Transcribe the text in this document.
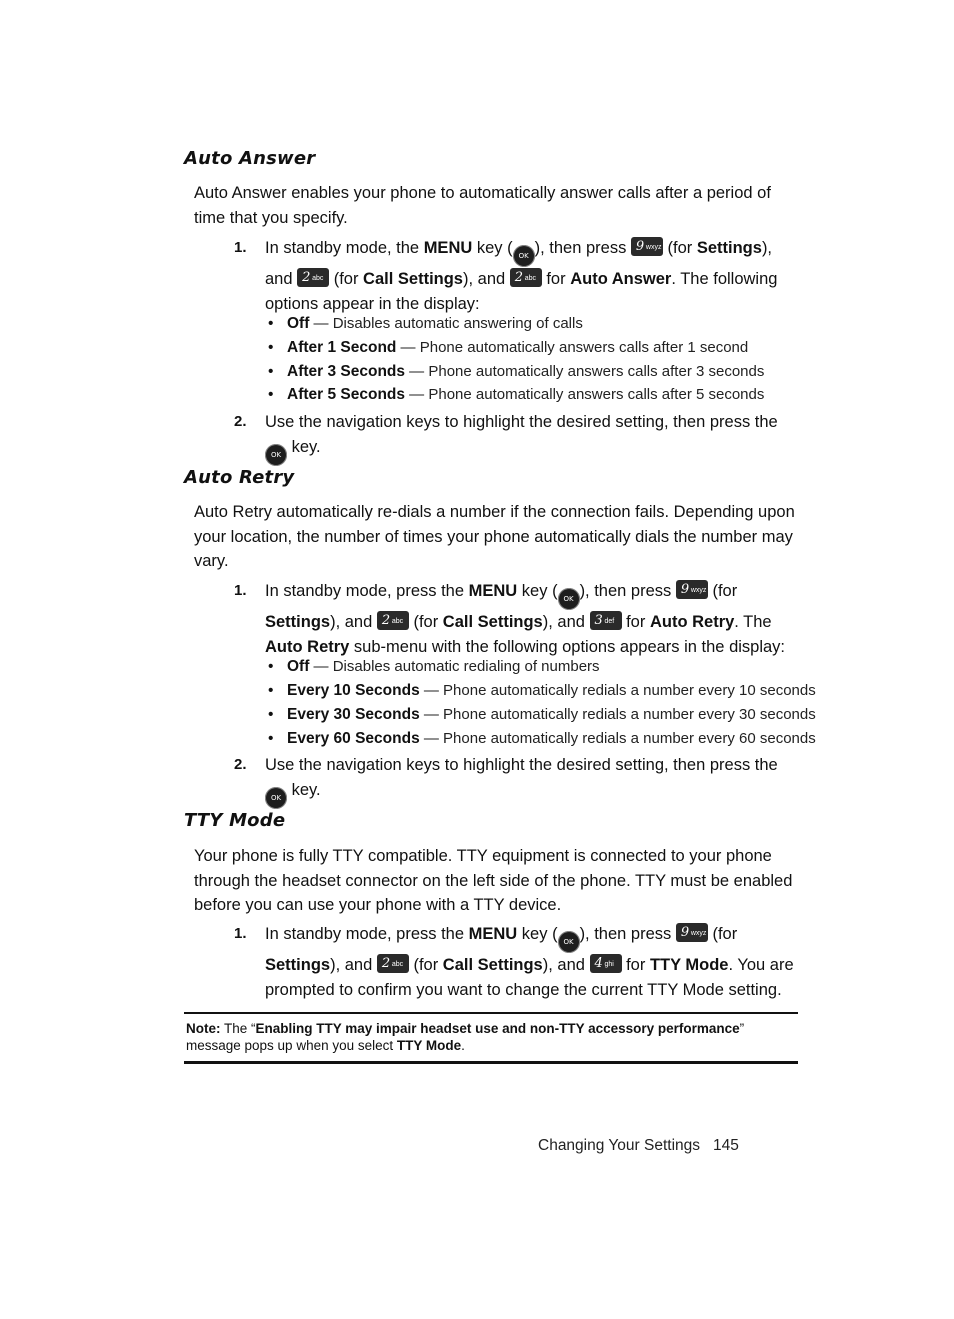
Auto Answer

Auto Answer enables your phone to automatically answer calls after a period of time that you specify.

1. In standby mode, the MENU key ( OK ), then press 9 wxyz (for Settings), and 2 abc (for Call Settings), and 2 abc for Auto Answer. The following options appear in the display:
• Off — Disables automatic answering of calls
• After 1 Second — Phone automatically answers calls after 1 second
• After 3 Seconds — Phone automatically answers calls after 3 seconds
• After 5 Seconds — Phone automatically answers calls after 5 seconds
2. Use the navigation keys to highlight the desired setting, then press the OK key.
Auto Retry

Auto Retry automatically re-dials a number if the connection fails. Depending upon your location, the number of times your phone automatically dials the number may vary.

1. In standby mode, press the MENU key ( OK ), then press 9 wxyz (for Settings), and 2 abc (for Call Settings), and 3 def for Auto Retry. The Auto Retry sub-menu with the following options appears in the display:
• Off — Disables automatic redialing of numbers
• Every 10 Seconds — Phone automatically redials a number every 10 seconds
• Every 30 Seconds — Phone automatically redials a number every 30 seconds
• Every 60 Seconds — Phone automatically redials a number every 60 seconds
2. Use the navigation keys to highlight the desired setting, then press the OK key.
TTY Mode

Your phone is fully TTY compatible. TTY equipment is connected to your phone through the headset connector on the left side of the phone. TTY must be enabled before you can use your phone with a TTY device.

1. In standby mode, press the MENU key ( OK ), then press 9 wxyz (for Settings), and 2 abc (for Call Settings), and 4 ghi for TTY Mode. You are prompted to confirm you want to change the current TTY Mode setting.
Note: The “Enabling TTY may impair headset use and non-TTY accessory performance” message pops up when you select TTY Mode.
Changing Your Settings 145
